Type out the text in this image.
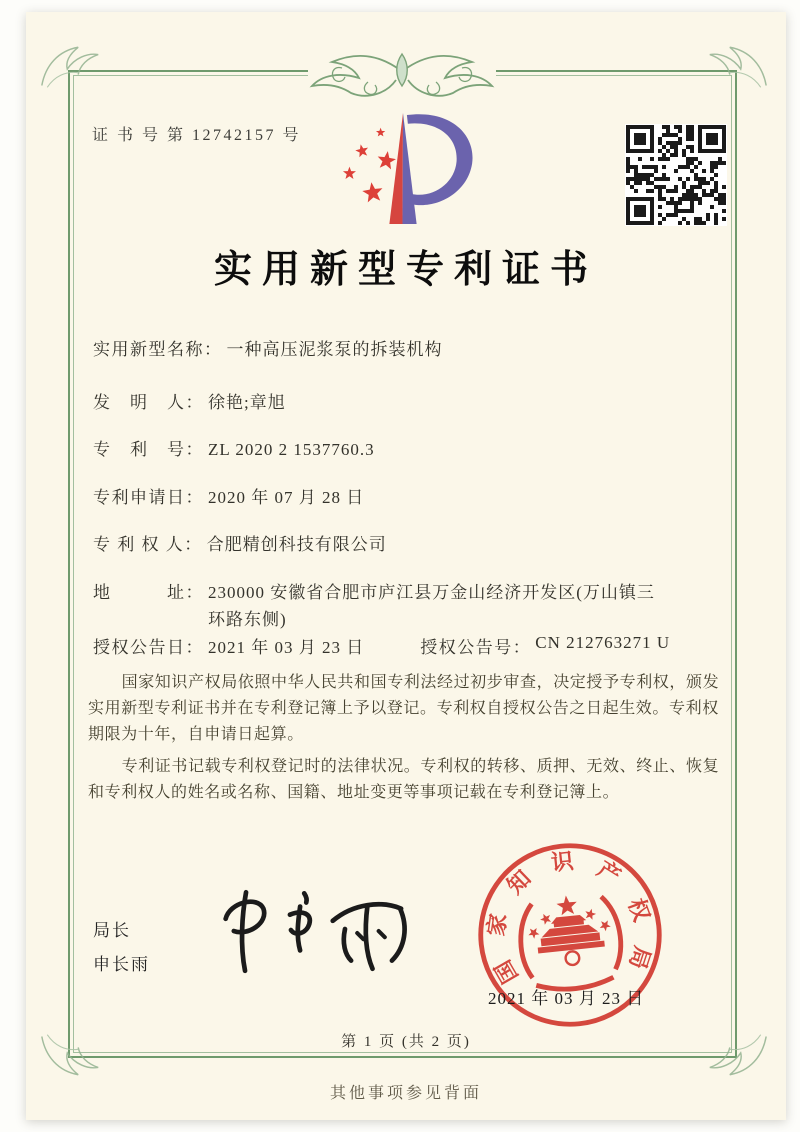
证 书 号 第 12742157 号
实用新型专利证书
实用新型名称： 一种高压泥浆泵的拆装机构
发　明　人： 徐艳;章旭
专　利　号： ZL 2020 2 1537760.3
专利申请日： 2020 年 07 月 28 日
专 利 权 人： 合肥精创科技有限公司
地　　　址： 230000 安徽省合肥市庐江县万金山经济开发区(万山镇三环路东侧)
授权公告日： 2021 年 03 月 23 日	授权公告号： CN 212763271 U

国家知识产权局依照中华人民共和国专利法经过初步审查，决定授予专利权，颁发实用新型专利证书并在专利登记簿上予以登记。专利权自授权公告之日起生效。专利权期限为十年，自申请日起算。

专利证书记载专利权登记时的法律状况。专利权的转移、质押、无效、终止、恢复和专利权人的姓名或名称、国籍、地址变更等事项记载在专利登记簿上。

局长
申长雨	国
家
知
识 产
权
局
2021 年 03 月 23 日
第 1 页 (共 2 页)
其他事项参见背面
